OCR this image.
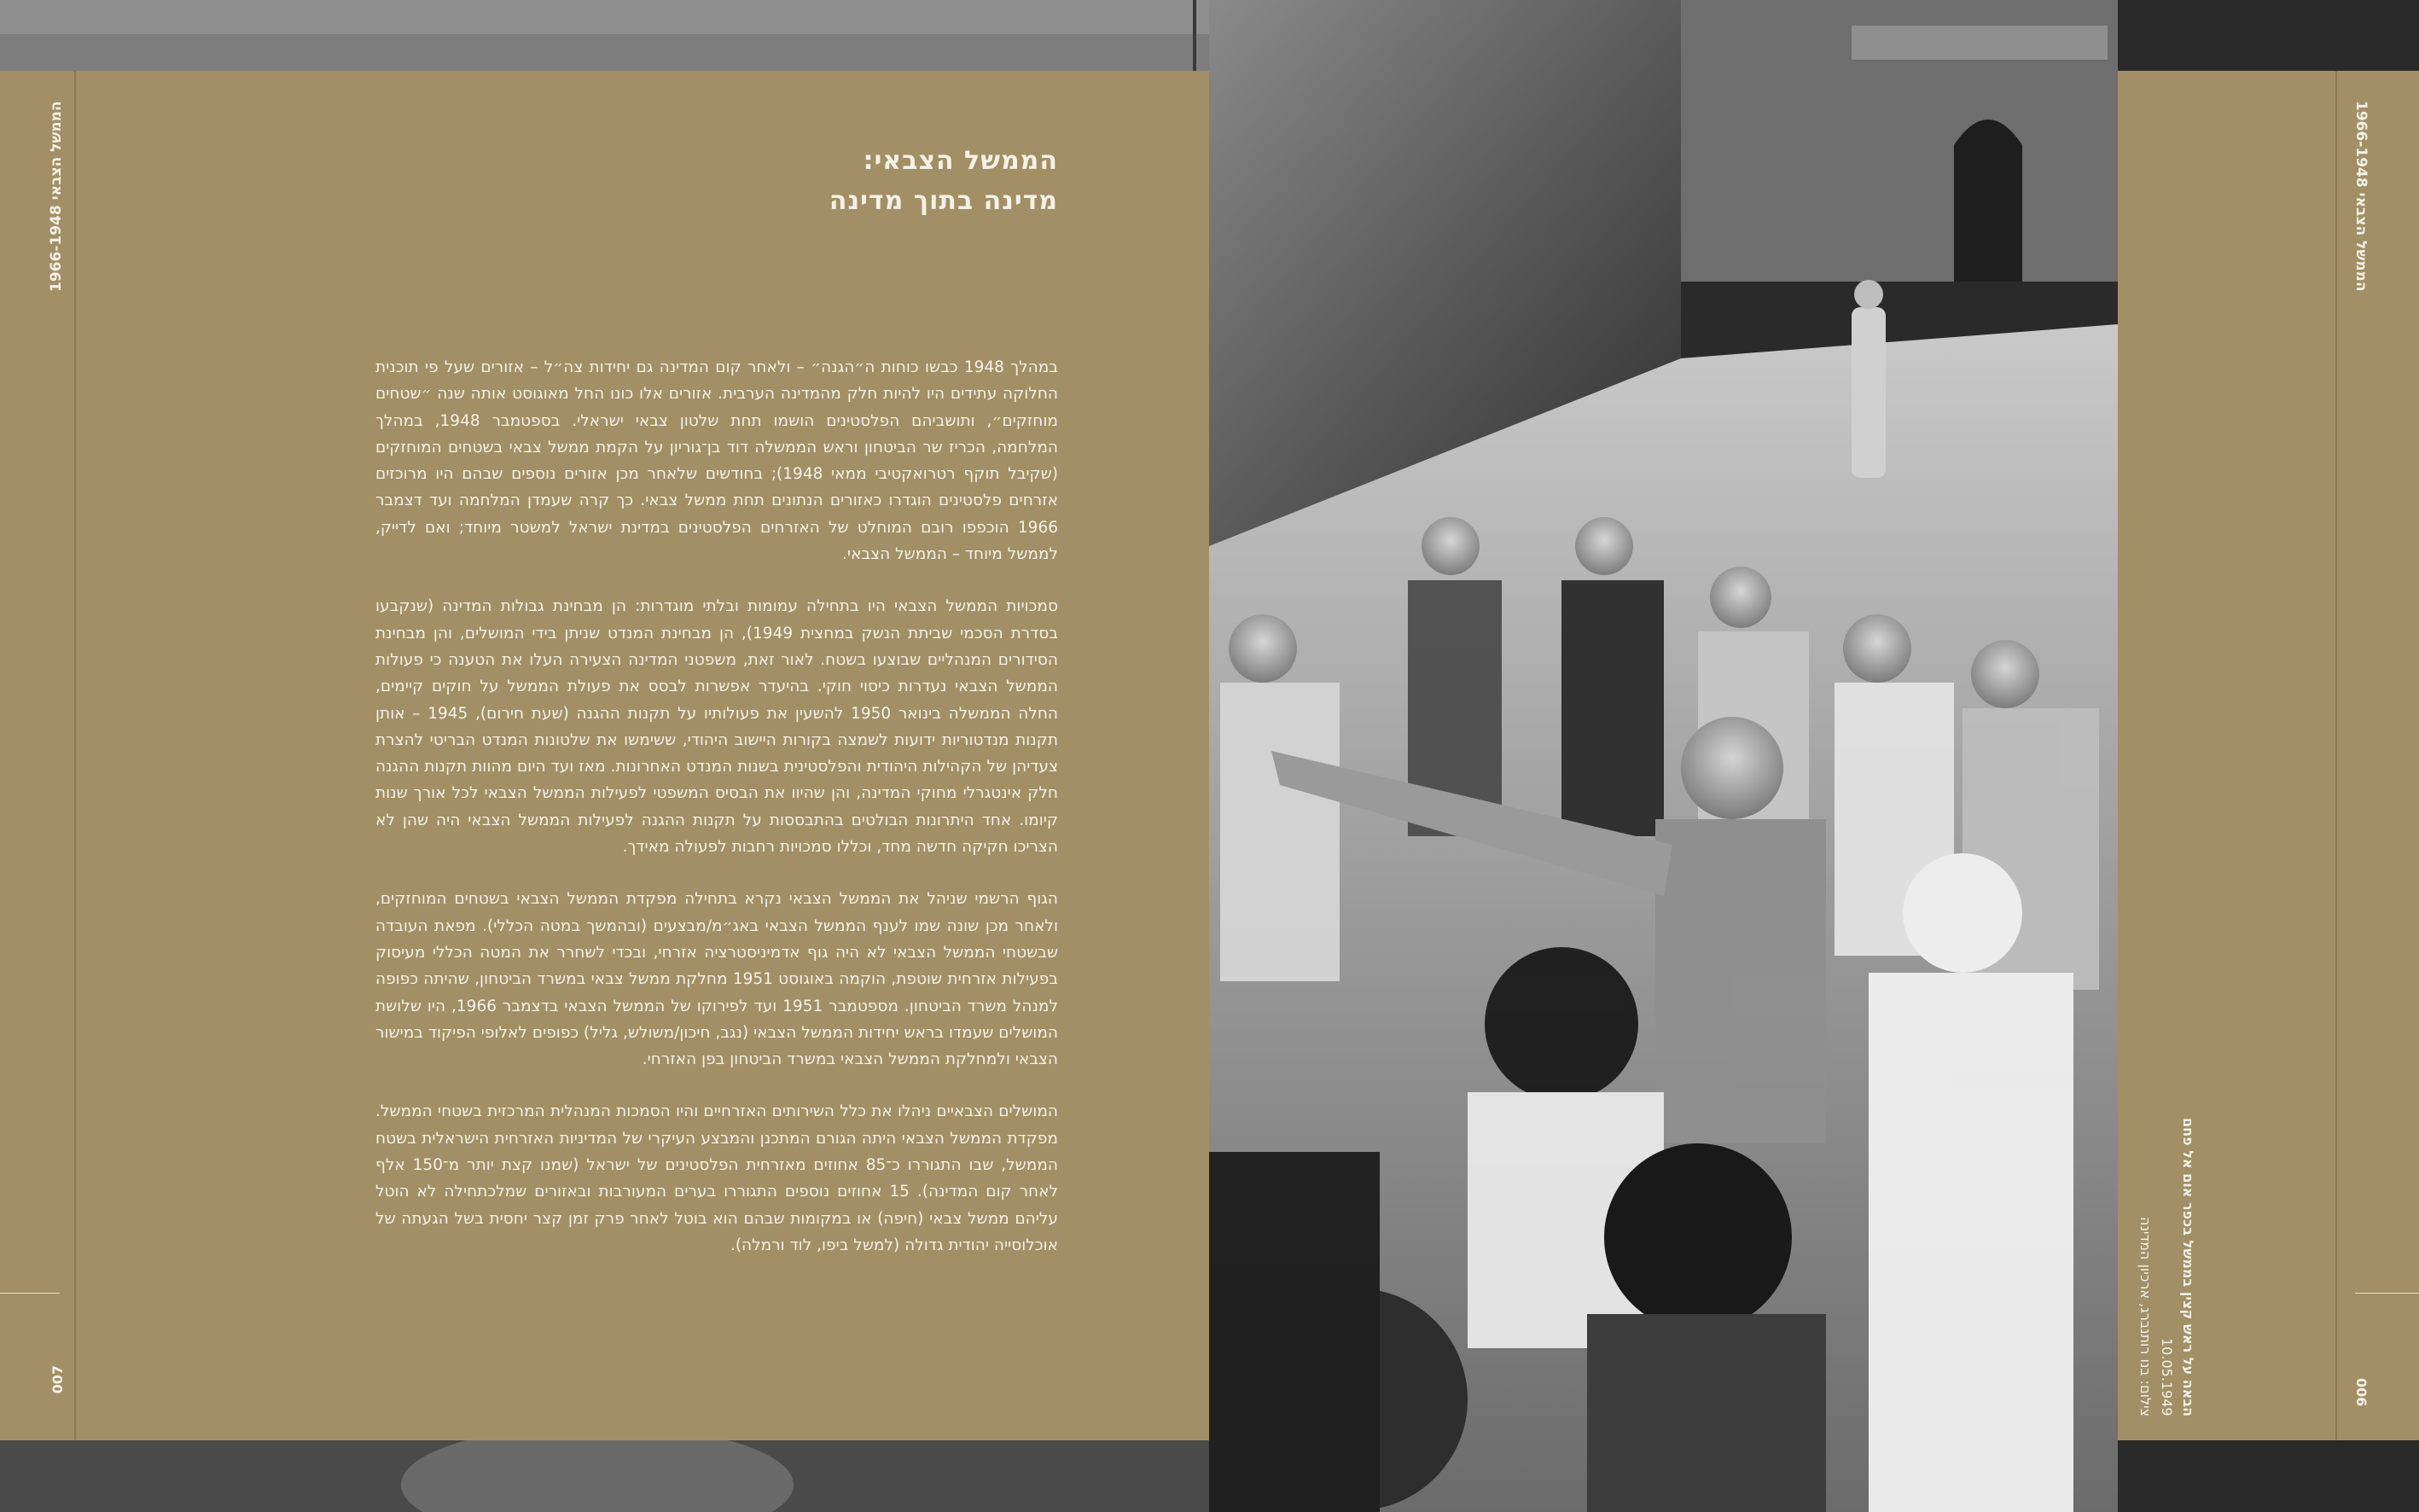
הממשל הצבאי 1966-1948
007
הממשל הצבאי:
מדינה בתוך מדינה

במהלך 1948 כבשו כוחות ה״הגנה״ – ולאחר קום המדינה גם יחידות צה״ל – אזורים שעל פי תוכנית החלוקה עתידים היו להיות חלק מהמדינה הערבית. אזורים אלו כונו החל מאוגוסט אותה שנה ״שטחים מוחזקים״, ותושביהם הפלסטינים הושמו תחת שלטון צבאי ישראלי. בספטמבר 1948, במהלך המלחמה, הכריז שר הביטחון וראש הממשלה דוד בן־גוריון על הקמת ממשל צבאי בשטחים המוחזקים (שקיבל תוקף רטרואקטיבי ממאי 1948); בחודשים שלאחר מכן אזורים נוספים שבהם היו מרוכזים אזרחים פלסטינים הוגדרו כאזורים הנתונים תחת ממשל צבאי. כך קרה שעמדן המלחמה ועד דצמבר 1966 הוכפפו רובם המוחלט של האזרחים הפלסטינים במדינת ישראל למשטר מיוחד; ואם לדייק, לממשל מיוחד – הממשל הצבאי.

סמכויות הממשל הצבאי היו בתחילה עמומות ובלתי מוגדרות: הן מבחינת גבולות המדינה (שנקבעו בסדרת הסכמי שביתת הנשק במחצית 1949), הן מבחינת המנדט שניתן בידי המושלים, והן מבחינת הסידורים המנהליים שבוצעו בשטח. לאור זאת, משפטני המדינה הצעירה העלו את הטענה כי פעולות הממשל הצבאי נעדרות כיסוי חוקי. בהיעדר אפשרות לבסס את פעולת הממשל על חוקים קיימים, החלה הממשלה בינואר 1950 להשעין את פעולותיו על תקנות ההגנה (שעת חירום), 1945 – אותן תקנות מנדטוריות ידועות לשמצה בקורות היישוב היהודי, ששימשו את שלטונות המנדט הבריטי להצרת צעדיהן של הקהילות היהודית והפלסטינית בשנות המנדט האחרונות. מאז ועד היום מהוות תקנות ההגנה חלק אינטגרלי מחוקי המדינה, והן שהיוו את הבסיס המשפטי לפעילות הממשל הצבאי לכל אורך שנות קיומו. אחד היתרונות הבולטים בהתבססות על תקנות ההגנה לפעילות הממשל הצבאי היה שהן לא הצריכו חקיקה חדשה מחד, וכללו סמכויות רחבות לפעולה מאידך.

הגוף הרשמי שניהל את הממשל הצבאי נקרא בתחילה מפקדת הממשל הצבאי בשטחים המוחזקים, ולאחר מכן שונה שמו לענף הממשל הצבאי באג״מ/מבצעים (ובהמשך במטה הכללי). מפאת העובדה שבשטחי הממשל הצבאי לא היה גוף אדמיניסטרציה אזרחי, ובכדי לשחרר את המטה הכללי מעיסוק בפעילות אזרחית שוטפת, הוקמה באוגוסט 1951 מחלקת ממשל צבאי במשרד הביטחון, שהיתה כפופה למנהל משרד הביטחון. מספטמבר 1951 ועד לפירוקו של הממשל הצבאי בדצמבר 1966, היו שלושת המושלים שעמדו בראש יחידות הממשל הצבאי (נגב, חיכון/משולש, גליל) כפופים לאלופי הפיקוד במישור הצבאי ולמחלקת הממשל הצבאי במשרד הביטחון בפן האזרחי.

המושלים הצבאיים ניהלו את כלל השירותים האזרחיים והיו הסמכות המנהלית המרכזית בשטחי הממשל. מפקדת הממשל הצבאי היתה הגורם המתכנן והמבצע העיקרי של המדיניות האזרחית הישראלית בשטח הממשל, שבו התגוררו כ־85 אחוזים מאזרחית הפלסטינים של ישראל (שמנו קצת יותר מ־150 אלף לאחר קום המדינה). 15 אחוזים נוספים התגוררו בערים המעורבות ובאזורים שמלכתחילה לא הוטל עליהם ממשל צבאי (חיפה) או במקומות שבהם הוא בוטל לאחר פרק זמן קצר יחסית בשל הגעתה של אוכלוסייה יהודית גדולה (למשל ביפו, לוד ורמלה).

הממשל הצבאי 1966-1948
006
הבאה על ראש קצין בממשל בכפר אום אל פחם
10.05.1949
צילום: בנו רותנברג, ארכיון המדינה
